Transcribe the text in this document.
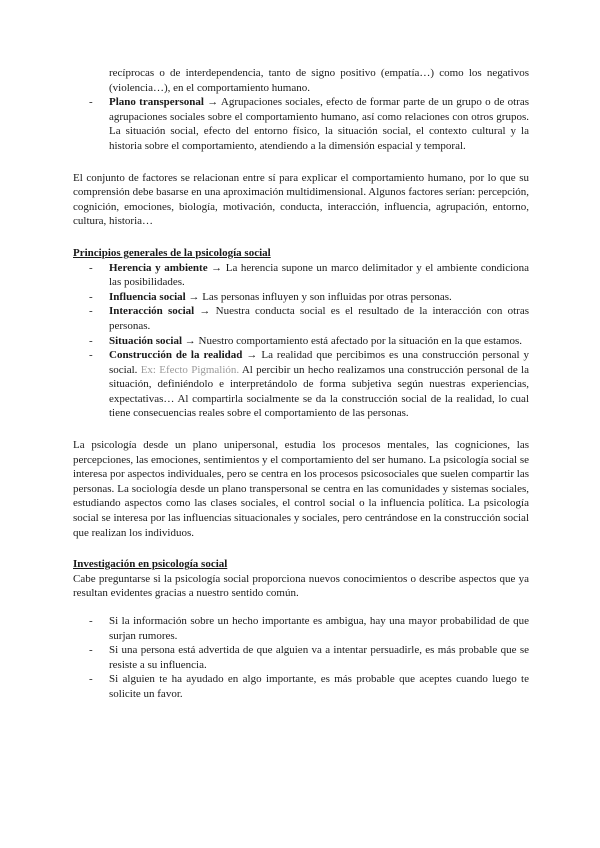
recíprocas o de interdependencia, tanto de signo positivo (empatía…) como los negativos (violencia…), en el comportamiento humano.

- Plano transpersonal → Agrupaciones sociales, efecto de formar parte de un grupo o de otras agrupaciones sociales sobre el comportamiento humano, así como relaciones con otros grupos. La situación social, efecto del entorno físico, la situación social, el contexto cultural y la historia sobre el comportamiento, atendiendo a la dimensión espacial y temporal.

El conjunto de factores se relacionan entre sí para explicar el comportamiento humano, por lo que su comprensión debe basarse en una aproximación multidimensional. Algunos factores serían: percepción, cognición, emociones, biología, motivación, conducta, interacción, influencia, agrupación, entorno, cultura, historia…

Principios generales de la psicología social

- Herencia y ambiente → La herencia supone un marco delimitador y el ambiente condiciona las posibilidades.
- Influencia social → Las personas influyen y son influidas por otras personas.
- Interacción social → Nuestra conducta social es el resultado de la interacción con otras personas.
- Situación social → Nuestro comportamiento está afectado por la situación en la que estamos.
- Construcción de la realidad → La realidad que percibimos es una construcción personal y social. Ex: Efecto Pigmalión. Al percibir un hecho realizamos una construcción personal de la situación, definiéndolo e interpretándolo de forma subjetiva según nuestras experiencias, expectativas… Al compartirla socialmente se da la construcción social de la realidad, lo cual tiene consecuencias reales sobre el comportamiento de las personas.

La psicología desde un plano unipersonal, estudia los procesos mentales, las cogniciones, las percepciones, las emociones, sentimientos y el comportamiento del ser humano. La psicología social se interesa por aspectos individuales, pero se centra en los procesos psicosociales que suelen compartir las personas. La sociología desde un plano transpersonal se centra en las comunidades y sistemas sociales, estudiando aspectos como las clases sociales, el control social o la influencia política. La psicología social se interesa por las influencias situacionales y sociales, pero centrándose en la construcción social que realizan los individuos.

Investigación en psicología social

Cabe preguntarse si la psicología social proporciona nuevos conocimientos o describe aspectos que ya resultan evidentes gracias a nuestro sentido común.

- Si la información sobre un hecho importante es ambigua, hay una mayor probabilidad de que surjan rumores.
- Si una persona está advertida de que alguien va a intentar persuadirle, es más probable que se resiste a su influencia.
- Si alguien te ha ayudado en algo importante, es más probable que aceptes cuando luego te solicite un favor.
